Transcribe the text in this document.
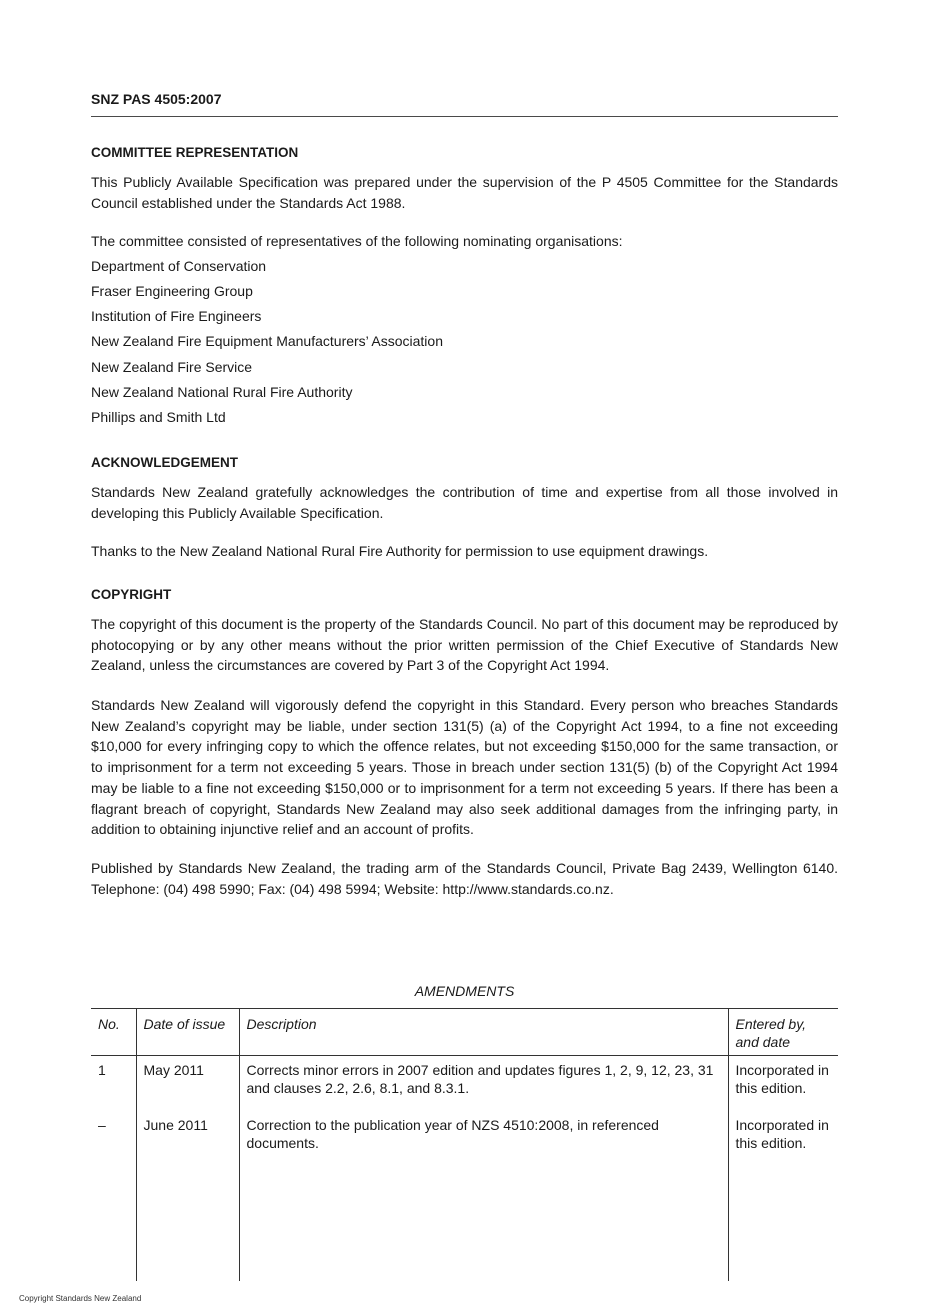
SNZ PAS 4505:2007
COMMITTEE REPRESENTATION

This Publicly Available Specification was prepared under the supervision of the P 4505 Committee for the Standards Council established under the Standards Act 1988.

The committee consisted of representatives of the following nominating organisations:

Department of Conservation
Fraser Engineering Group
Institution of Fire Engineers
New Zealand Fire Equipment Manufacturers’ Association
New Zealand Fire Service
New Zealand National Rural Fire Authority
Phillips and Smith Ltd
ACKNOWLEDGEMENT

Standards New Zealand gratefully acknowledges the contribution of time and expertise from all those involved in developing this Publicly Available Specification.

Thanks to the New Zealand National Rural Fire Authority for permission to use equipment drawings.

COPYRIGHT

The copyright of this document is the property of the Standards Council. No part of this document may be reproduced by photocopying or by any other means without the prior written permission of the Chief Executive of Standards New Zealand, unless the circumstances are covered by Part 3 of the Copyright Act 1994.

Standards New Zealand will vigorously defend the copyright in this Standard. Every person who breaches Standards New Zealand’s copyright may be liable, under section 131(5) (a) of the Copyright Act 1994, to a fine not exceeding $10,000 for every infringing copy to which the offence relates, but not exceeding $150,000 for the same transaction, or to imprisonment for a term not exceeding 5 years. Those in breach under section 131(5) (b) of the Copyright Act 1994 may be liable to a fine not exceeding $150,000 or to imprisonment for a term not exceeding 5 years. If there has been a flagrant breach of copyright, Standards New Zealand may also seek additional damages from the infringing party, in addition to obtaining injunctive relief and an account of profits.

Published by Standards New Zealand, the trading arm of the Standards Council, Private Bag 2439, Wellington 6140. Telephone: (04) 498 5990; Fax: (04) 498 5994; Website: http://www.standards.co.nz.

AMENDMENTS
No.	Date of issue	Description	Entered by, and date
1	May 2011	Corrects minor errors in 2007 edition and updates figures 1, 2, 9, 12, 23, 31 and clauses 2.2, 2.6, 8.1, and 8.3.1.	Incorporated in this edition.
–	June 2011	Correction to the publication year of NZS 4510:2008, in referenced documents.	Incorporated in this edition.

Copyright Standards New Zealand
